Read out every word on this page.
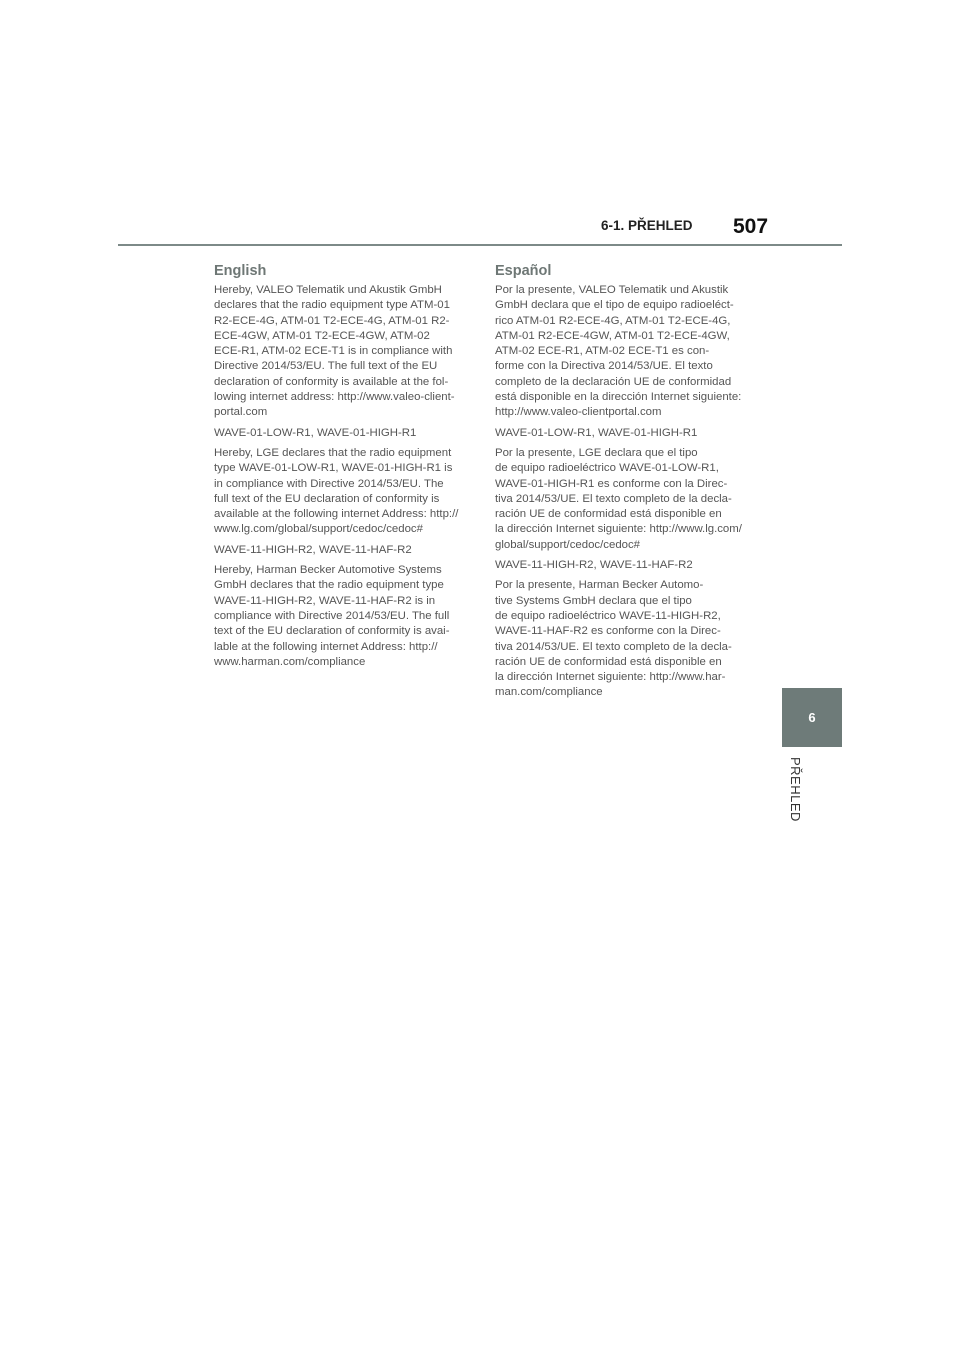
6-1. PŘEHLED 507
English

Hereby, VALEO Telematik und Akustik GmbH
declares that the radio equipment type ATM-01
R2-ECE-4G, ATM-01 T2-ECE-4G, ATM-01 R2-
ECE-4GW, ATM-01 T2-ECE-4GW, ATM-02
ECE-R1, ATM-02 ECE-T1 is in compliance with
Directive 2014/53/EU. The full text of the EU
declaration of conformity is available at the fol-
lowing internet address: http://www.valeo-client-
portal.com

WAVE-01-LOW-R1, WAVE-01-HIGH-R1

Hereby, LGE declares that the radio equipment
type WAVE-01-LOW-R1, WAVE-01-HIGH-R1 is
in compliance with Directive 2014/53/EU. The
full text of the EU declaration of conformity is
available at the following internet Address: http://
www.lg.com/global/support/cedoc/cedoc#

WAVE-11-HIGH-R2, WAVE-11-HAF-R2

Hereby, Harman Becker Automotive Systems
GmbH declares that the radio equipment type
WAVE-11-HIGH-R2, WAVE-11-HAF-R2 is in
compliance with Directive 2014/53/EU. The full
text of the EU declaration of conformity is avai-
lable at the following internet Address: http://
www.harman.com/compliance

Español

Por la presente, VALEO Telematik und Akustik
GmbH declara que el tipo de equipo radioeléct-
rico ATM-01 R2-ECE-4G, ATM-01 T2-ECE-4G,
ATM-01 R2-ECE-4GW, ATM-01 T2-ECE-4GW,
ATM-02 ECE-R1, ATM-02 ECE-T1 es con-
forme con la Directiva 2014/53/UE. El texto
completo de la declaración UE de conformidad
está disponible en la dirección Internet siguiente:
http://www.valeo-clientportal.com

WAVE-01-LOW-R1, WAVE-01-HIGH-R1

Por la presente, LGE declara que el tipo
de equipo radioeléctrico WAVE-01-LOW-R1,
WAVE-01-HIGH-R1 es conforme con la Direc-
tiva 2014/53/UE. El texto completo de la decla-
ración UE de conformidad está disponible en
la dirección Internet siguiente: http://www.lg.com/
global/support/cedoc/cedoc#

WAVE-11-HIGH-R2, WAVE-11-HAF-R2

Por la presente, Harman Becker Automo-
tive Systems GmbH declara que el tipo
de equipo radioeléctrico WAVE-11-HIGH-R2,
WAVE-11-HAF-R2 es conforme con la Direc-
tiva 2014/53/UE. El texto completo de la decla-
ración UE de conformidad está disponible en
la dirección Internet siguiente: http://www.har-
man.com/compliance

6
PŘEHLED
